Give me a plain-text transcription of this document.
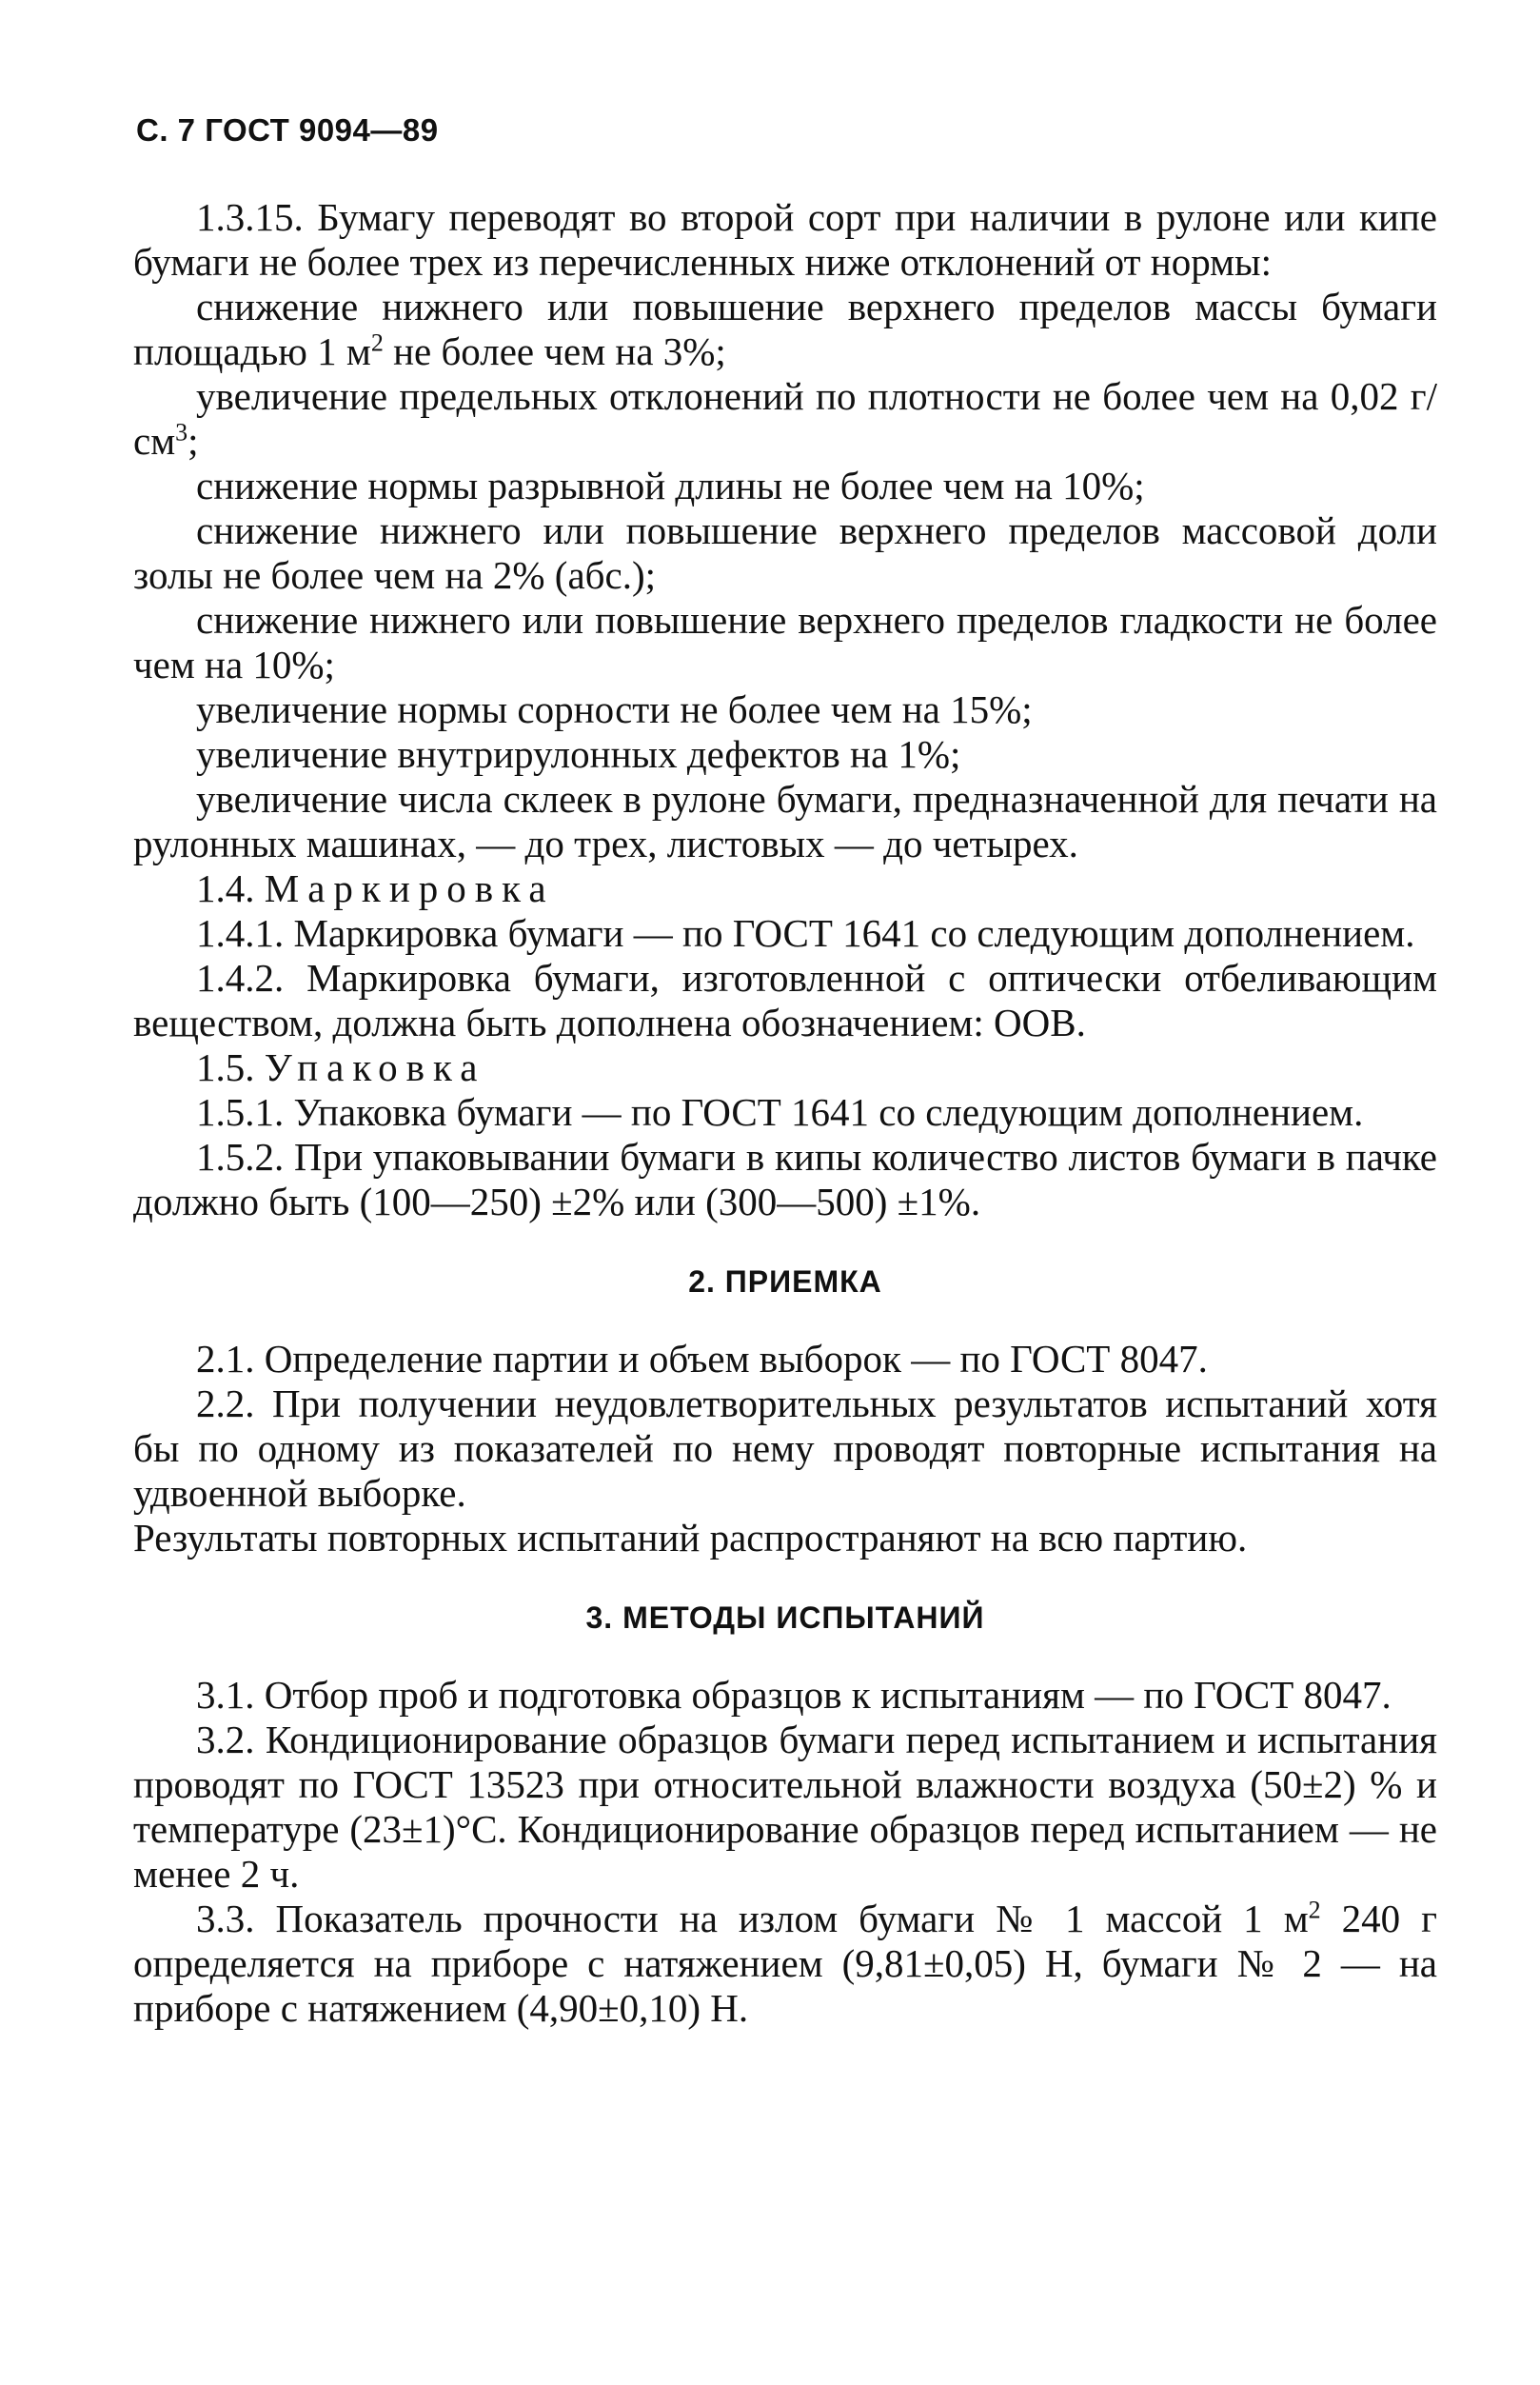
С. 7 ГОСТ 9094—89

1.3.15. Бумагу переводят во второй сорт при наличии в рулоне или кипе бумаги не более трех из перечисленных ниже отклонений от нормы:

снижение нижнего или повышение верхнего пределов массы бумаги площадью 1 $м^2$ не более чем на 3%;

увеличение предельных отклонений по плотности не более чем на 0,02 $г/см^3$;

снижение нормы разрывной длины не более чем на 10%;

снижение нижнего или повышение верхнего пределов массовой доли золы не более чем на 2% (абс.);

снижение нижнего или повышение верхнего пределов гладкости не более чем на 10%;

увеличение нормы сорности не более чем на 15%;

увеличение внутрирулонных дефектов на 1%;

увеличение числа склеек в рулоне бумаги, предназначенной для печати на рулонных машинах, — до трех, листовых — до четырех.

1.4. Маркировка

1.4.1. Маркировка бумаги — по ГОСТ 1641 со следующим дополнением.

1.4.2. Маркировка бумаги, изготовленной с оптически отбеливающим веществом, должна быть дополнена обозначением: ООВ.

1.5. Упаковка

1.5.1. Упаковка бумаги — по ГОСТ 1641 со следующим дополнением.

1.5.2. При упаковывании бумаги в кипы количество листов бумаги в пачке должно быть (100—250) ±2% или (300—500) ±1%.

2. ПРИЕМКА

2.1. Определение партии и объем выборок — по ГОСТ 8047.

2.2. При получении неудовлетворительных результатов испытаний хотя бы по одному из показателей по нему проводят повторные испытания на удвоенной выборке.

Результаты повторных испытаний распространяют на всю партию.

3. МЕТОДЫ ИСПЫТАНИЙ

3.1. Отбор проб и подготовка образцов к испытаниям — по ГОСТ 8047.

3.2. Кондиционирование образцов бумаги перед испытанием и испытания проводят по ГОСТ 13523 при относительной влажности воздуха (50±2) % и температуре (23±1)°С. Кондиционирование образцов перед испытанием — не менее 2 ч.

3.3. Показатель прочности на излом бумаги № 1 массой 1 $м^2$ 240 г определяется на приборе с натяжением (9,81±0,05) Н, бумаги № 2 — на приборе с натяжением (4,90±0,10) Н.
